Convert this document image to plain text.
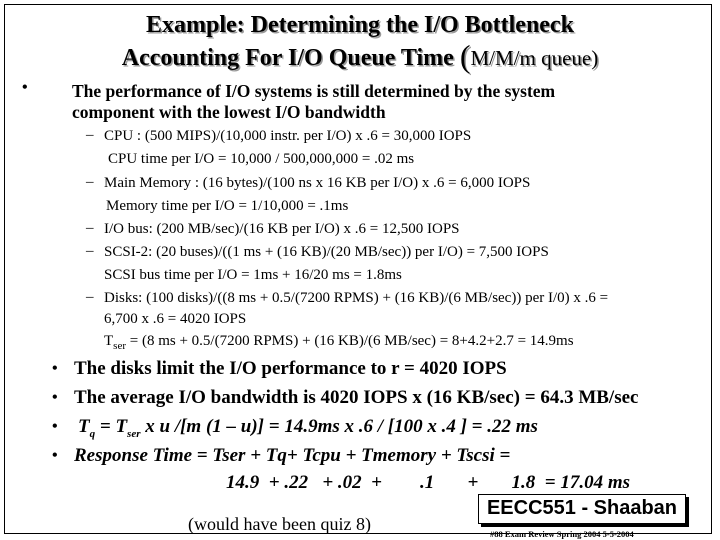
Example: Determining the I/O Bottleneck
Accounting For I/O Queue Time (M/M/m queue)
•	The performance of I/O systems is still determined by the system
component with the lowest I/O bandwidth
– CPU : (500 MIPS)/(10,000 instr. per I/O) x .6 = 30,000 IOPS
CPU time per I/O = 10,000 / 500,000,000 = .02 ms
– Main Memory : (16 bytes)/(100 ns x 16 KB per I/O) x .6 = 6,000 IOPS
Memory time per I/O = 1/10,000 = .1ms
– I/O bus: (200 MB/sec)/(16 KB per I/O) x .6 = 12,500 IOPS
– SCSI-2: (20 buses)/((1 ms + (16 KB)/(20 MB/sec)) per I/O) = 7,500 IOPS
SCSI bus time per I/O = 1ms + 16/20 ms = 1.8ms
– Disks: (100 disks)/((8 ms + 0.5/(7200 RPMS) + (16 KB)/(6 MB/sec)) per I/0) x .6 =
6,700 x .6 = 4020 IOPS
$T_{ser} = (8$ ms + 0.5/(7200 RPMS) + (16 KB)/(6 MB/sec) = 8+4.2+2.7 = 14.9ms
• The disks limit the I/O performance to r = 4020 IOPS
• The average I/O bandwidth is 4020 IOPS x (16 KB/sec) = 64.3 MB/sec
• $T_q = T_{ser}$ x u /[m (1 – u)] = 14.9ms x .6 / [100 x .4 ] = .22 ms
• Response Time = Tser + Tq+ Tcpu + Tmemory + Tscsi =
14.9  + .22   + .02  +        .1       +       1.8  = 17.04 ms
(would have been quiz 8)
EECC551 - Shaaban
#88 Exam Review Spring 2004 5-5-2004
